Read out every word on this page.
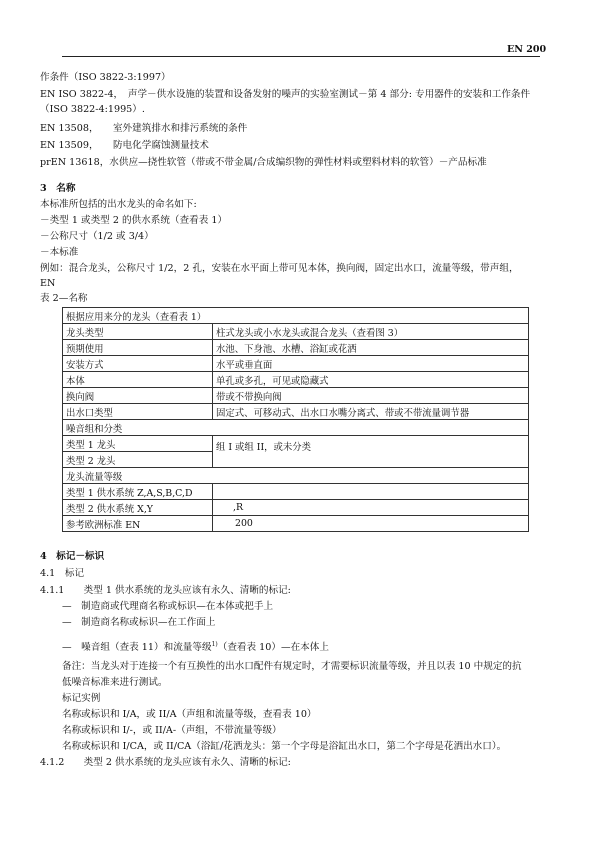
EN 200
作条件（ISO 3822-3:1997）
EN ISO 3822-4，　声学－供水设施的装置和设备发射的噪声的实验室测试－第 4 部分: 专用器件的安装和工作条件
（ISO 3822-4:1995）.
EN 13508，　　室外建筑排水和排污系统的条件
EN 13509，　　防电化学腐蚀测量技术
prEN 13618，水供应—挠性软管（带或不带金属/合成编织物的弹性材料或塑料材料的软管）－产品标准
3　名称
本标准所包括的出水龙头的命名如下:
－类型 1 或类型 2 的供水系统（查看表 1）
－公称尺寸（1/2 或 3/4）
－本标准
例如：混合龙头，公称尺寸 1/2，2 孔，安装在水平面上带可见本体，换向阀，固定出水口，流量等级，带声组，
EN
表 2—名称
根据应用来分的龙头（查看表 1）	
龙头类型	柱式龙头或小水龙头或混合龙头（查看图 3）
预期使用	水池、下身池、水槽、浴缸或花洒
安装方式	水平或垂直面
本体	单孔或多孔，可见或隐藏式
换向阀	带或不带换向阀
出水口类型	固定式、可移动式、出水口水嘴分离式、带或不带流量调节器
噪音组和分类	
类型 1 龙头	组 I 或组 II，或未分类
类型 2 龙头	
龙头流量等级	
类型 1 供水系统 Z,A,S,B,C,D	
类型 2 供水系统 X,Y	,R
参考欧洲标准 EN	200
4　标记－标识
4.1　标记
4.1.1　　类型 1 供水系统的龙头应该有永久、清晰的标记:
—　制造商或代理商名称或标识—在本体或把手上
—　制造商名称或标识—在工作面上
—　噪音组（查表 11）和流量等级$^{1)}$（查看表 10）—在本体上
备注：当龙头对于连接一个有互换性的出水口配件有规定时，才需要标识流量等级，并且以表 10 中规定的抗
低噪音标准来进行测试。
标记实例
名称或标识和 I/A，或 II/A（声组和流量等级，查看表 10）
名称或标识和 I/-，或 II/A-（声组，不带流量等级）
名称或标识和 I/CA，或 II/CA（浴缸/花洒龙头：第一个字母是浴缸出水口，第二个字母是花洒出水口）。
4.1.2　　类型 2 供水系统的龙头应该有永久、清晰的标记:
